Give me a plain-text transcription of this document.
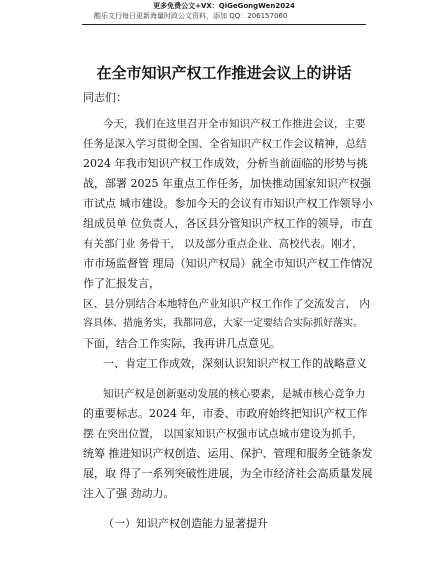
更多免费公文+VX：QiGeGongWen2024
酷乐文行每日更新海量时政公文资料，添加 QQ：206157060
在全市知识产权工作推进会议上的讲话
同志们：
今天，我们在这里召开全市知识产权工作推进会议，主要
任务是深入学习贯彻全国、全省知识产权工作会议精神，总结
2024 年我市知识产权工作成效，分析当前面临的形势与挑
战，部署 2025 年重点工作任务，加快推动国家知识产权强
市试点 城市建设。参加今天的会议有市知识产权工作领导小
组成员单 位负责人，各区县分管知识产权工作的领导，市直
有关部门业 务骨干， 以及部分重点企业、高校代表。刚才，
市市场监督管 理局（知识产权局）就全市知识产权工作情况
作了汇报发言，
区、县分别结合本地特色产业知识产权工作作了交流发言， 内
容具体、措施务实，我都同意，大家一定要结合实际抓好落实。
下面，结合工作实际，我再讲几点意见。
一、肯定工作成效，深刻认识知识产权工作的战略意义
知识产权是创新驱动发展的核心要素，是城市核心竞争力
的重要标志。2024 年，市委、市政府始终把知识产权工作
摆 在突出位置， 以国家知识产权强市试点城市建设为抓手，
统筹 推进知识产权创造、运用、保护、管理和服务全链条发
展，取 得了一系列突破性进展，为全市经济社会高质量发展
注入了强 劲动力。
（一）知识产权创造能力显著提升
